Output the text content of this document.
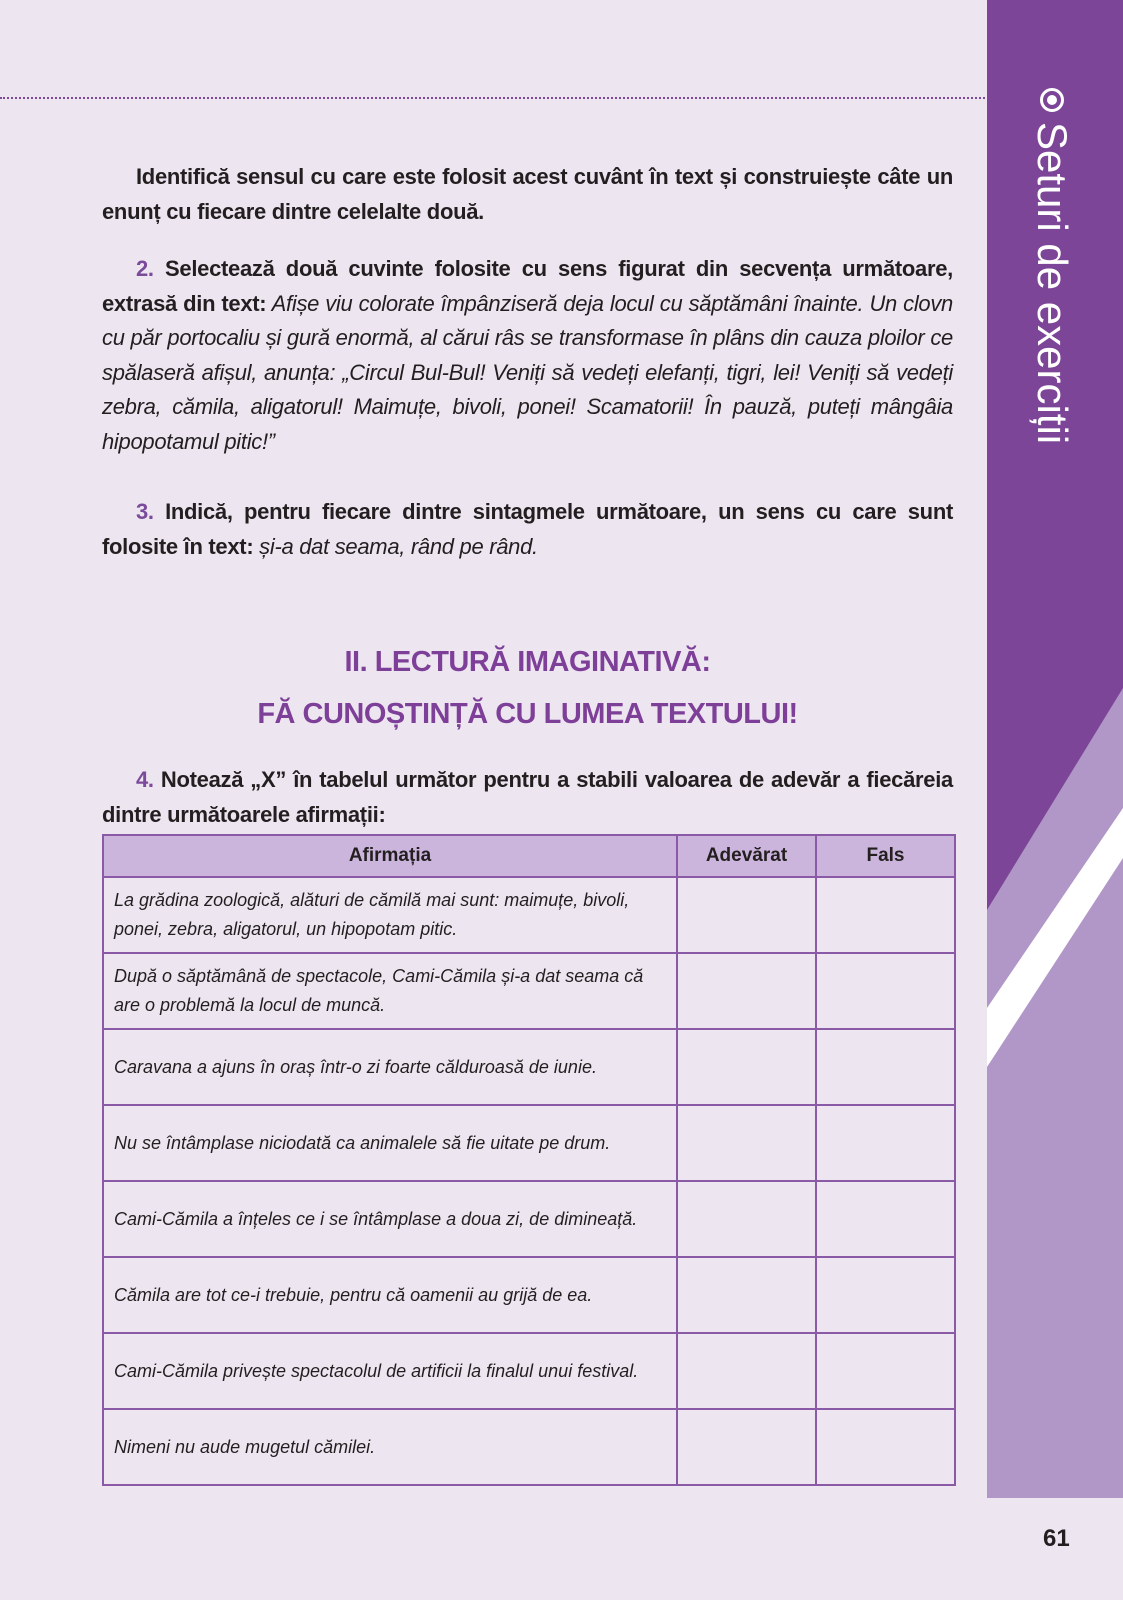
Seturi de exerciții

Identifică sensul cu care este folosit acest cuvânt în text și construiește câte un enunț cu fiecare dintre celelalte două.

2. Selectează două cuvinte folosite cu sens figurat din secvența următoare, extrasă din text: Afișe viu colorate împânziseră deja locul cu săptămâni înainte. Un clovn cu păr portocaliu și gură enormă, al cărui râs se transformase în plâns din cauza ploilor ce spălaseră afișul, anunța: „Circul Bul-Bul! Veniți să vedeți elefanți, tigri, lei! Veniți să vedeți zebra, cămila, aligatorul! Maimuțe, bivoli, ponei! Scamatorii! În pauză, puteți mângâia hipopotamul pitic!”

3. Indică, pentru fiecare dintre sintagmele următoare, un sens cu care sunt folosite în text: și-a dat seama, rând pe rând.

II. LECTURĂ IMAGINATIVĂ:
FĂ CUNOȘTINȚĂ CU LUMEA TEXTULUI!

4. Notează „X” în tabelul următor pentru a stabili valoarea de adevăr a fiecăreia dintre următoarele afirmații:

Afirmația	Adevărat	Fals
La grădina zoologică, alături de cămilă mai sunt: maimuțe, bivoli, ponei, zebra, aligatorul, un hipopotam pitic.		
După o săptămână de spectacole, Cami-Cămila și-a dat seama că are o problemă la locul de muncă.		
Caravana a ajuns în oraș într-o zi foarte călduroasă de iunie.		
Nu se întâmplase niciodată ca animalele să fie uitate pe drum.		
Cami-Cămila a înțeles ce i se întâmplase a doua zi, de dimineață.		
Cămila are tot ce-i trebuie, pentru că oamenii au grijă de ea.		
Cami-Cămila privește spectacolul de artificii la finalul unui festival.		
Nimeni nu aude mugetul cămilei.		
61
